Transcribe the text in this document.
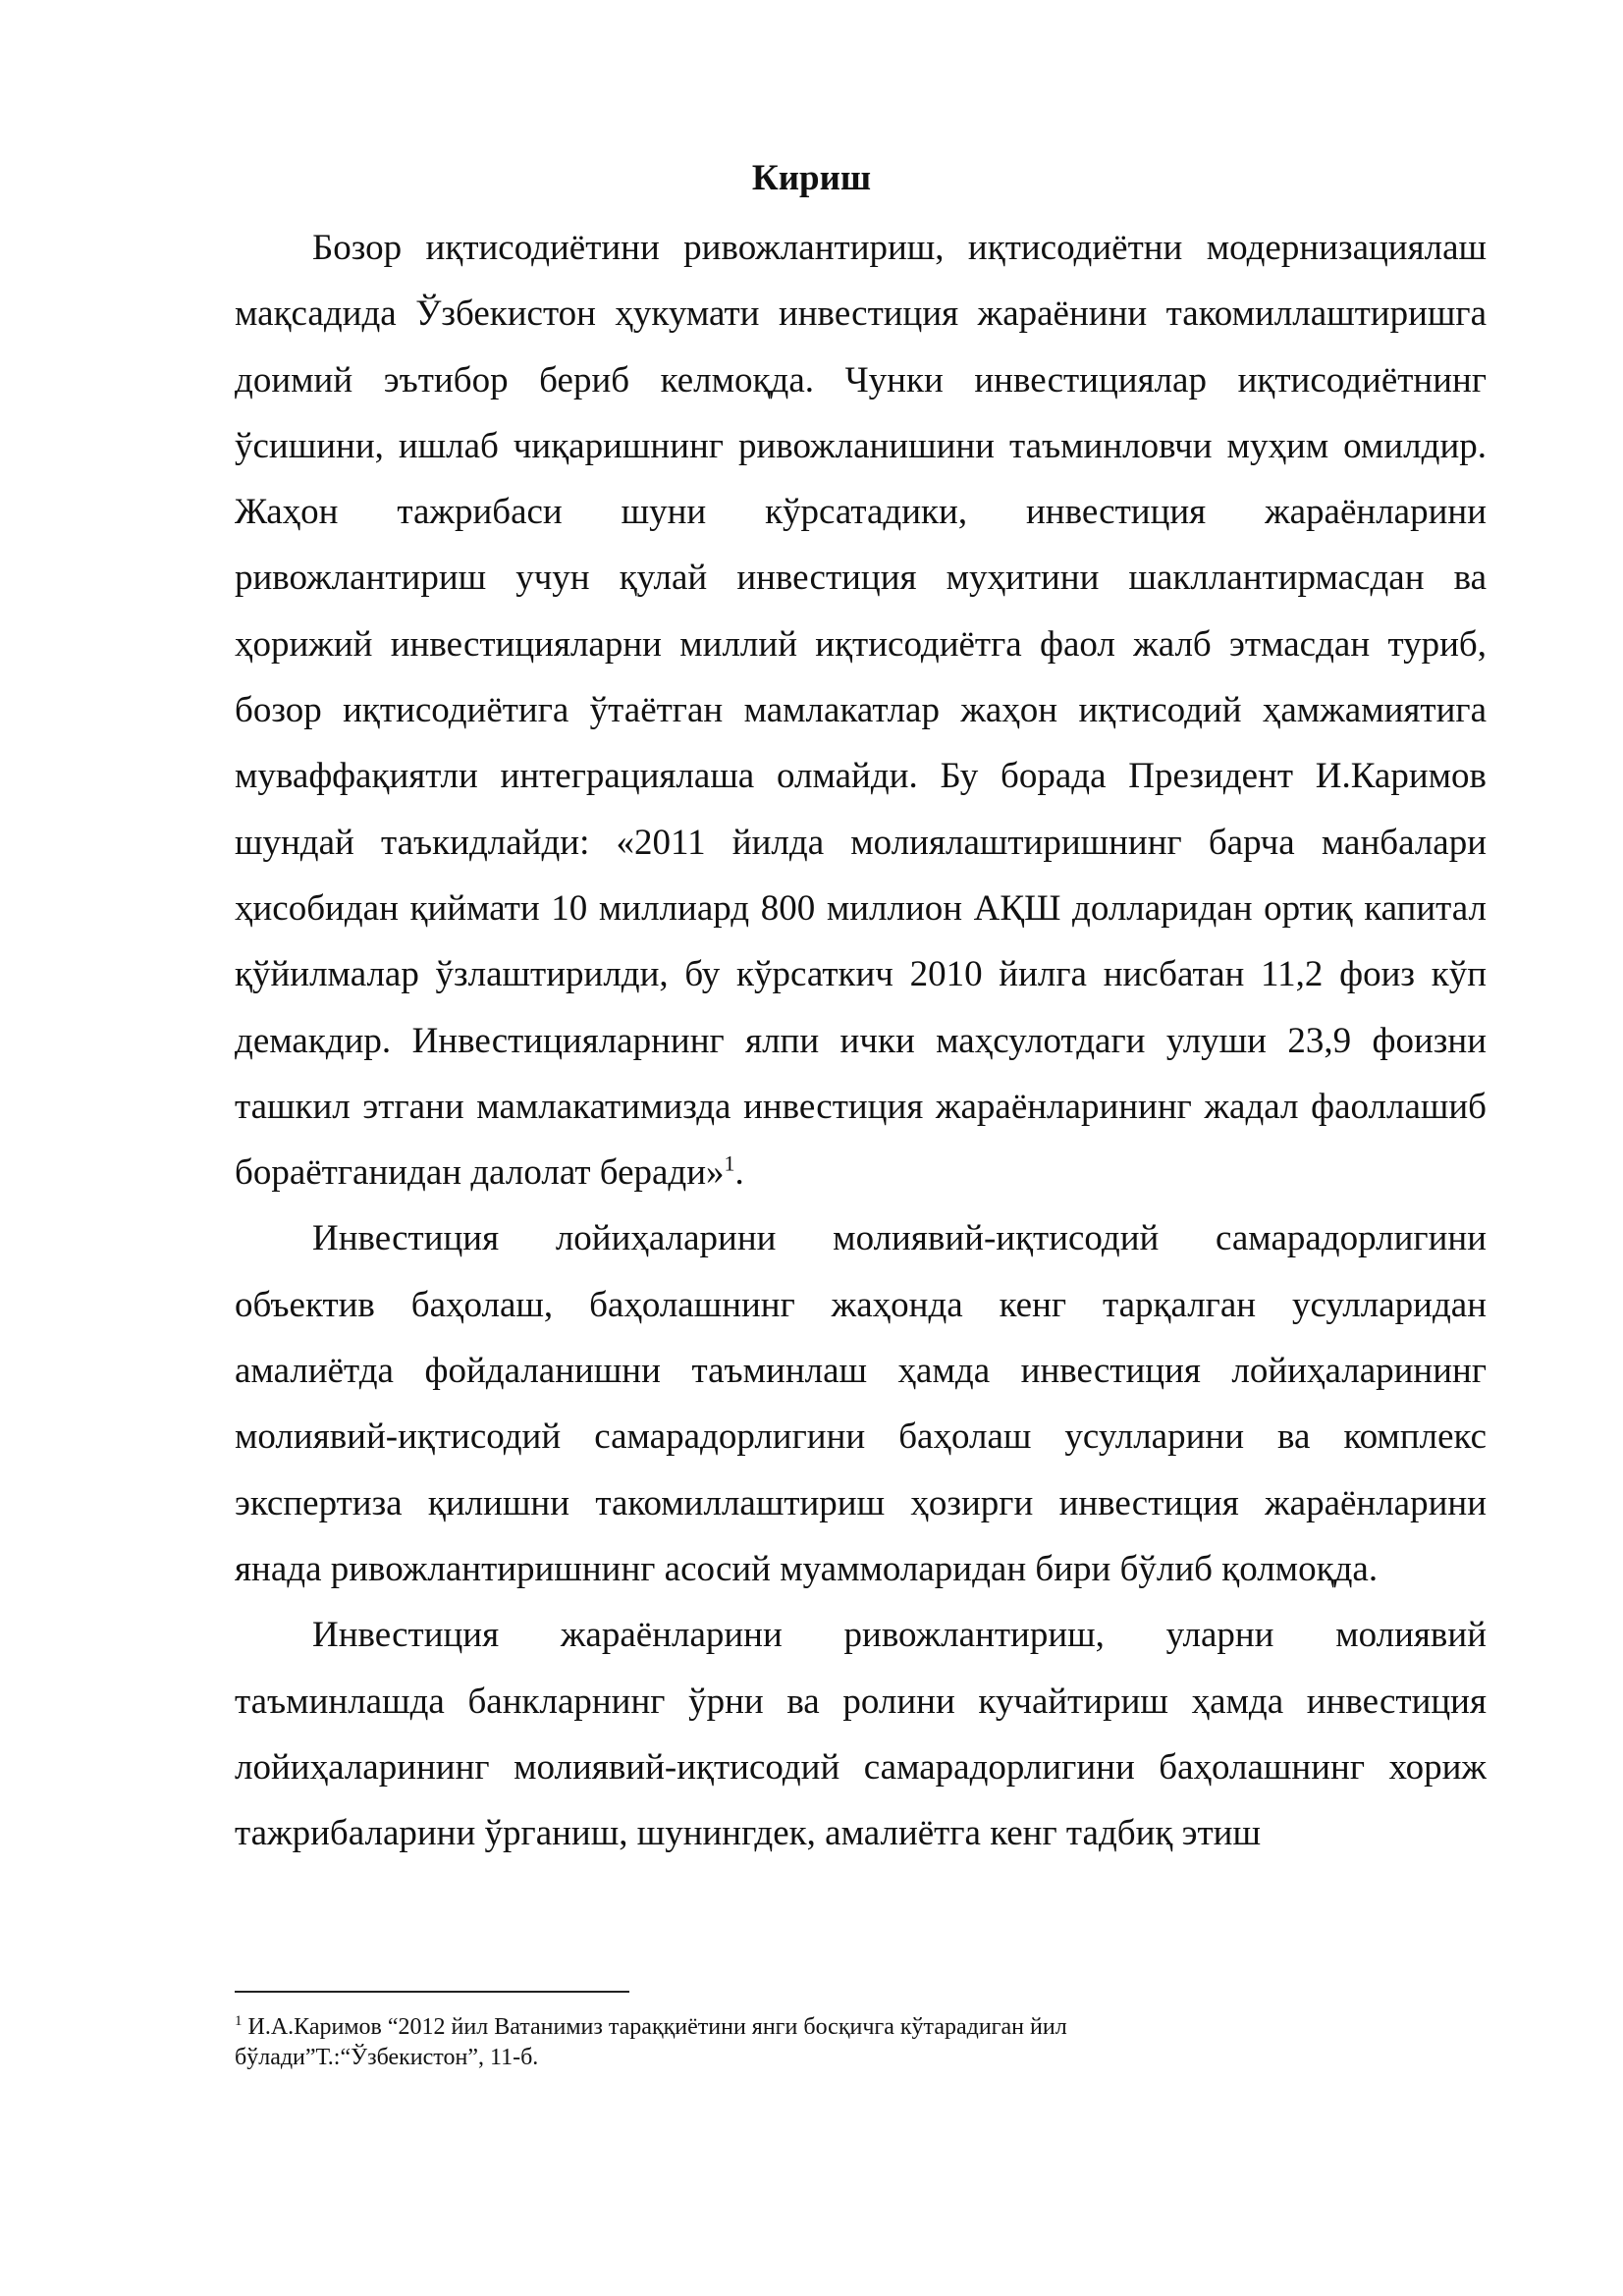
Кириш

Бозор иқтисодиётини ривожлантириш, иқтисодиётни модернизациялаш мақсадида Ўзбекистон ҳукумати инвестиция жараёнини такомиллаштиришга доимий эътибор бериб келмоқда. Чунки инвестициялар иқтисодиётнинг ўсишини, ишлаб чиқаришнинг ривожланишини таъминловчи муҳим омилдир. Жаҳон тажрибаси шуни кўрсатадики, инвестиция жараёнларини ривожлантириш учун қулай инвестиция муҳитини шакллантирмасдан ва ҳорижий инвестицияларни миллий иқтисодиётга фаол жалб этмасдан туриб, бозор иқтисодиётига ўтаётган мамлакатлар жаҳон иқтисодий ҳамжамиятига муваффақиятли интеграциялаша олмайди. Бу борада Президент И.Каримов шундай таъкидлайди: «2011 йилда молиялаштиришнинг барча манбалари ҳисобидан қиймати 10 миллиард 800 миллион АҚШ долларидан ортиқ капитал қўйилмалар ўзлаштирилди, бу кўрсаткич 2010 йилга нисбатан 11,2 фоиз кўп демакдир. Инвестицияларнинг ялпи ички маҳсулотдаги улуши 23,9 фоизни ташкил этгани мамлакатимизда инвестиция жараёнларининг жадал фаоллашиб бораётганидан далолат беради»$^1$.

Инвестиция лойиҳаларини молиявий-иқтисодий самарадорлигини объектив баҳолаш, баҳолашнинг жаҳонда кенг тарқалган усулларидан амалиётда фойдаланишни таъминлаш ҳамда инвестиция лойиҳаларининг молиявий-иқтисодий самарадорлигини баҳолаш усулларини ва комплекс экспертиза қилишни такомиллаштириш ҳозирги инвестиция жараёнларини янада ривожлантиришнинг асосий муаммоларидан бири бўлиб қолмоқда.

Инвестиция жараёнларини ривожлантириш, уларни молиявий таъминлашда банкларнинг ўрни ва ролини кучайтириш ҳамда инвестиция лойиҳаларининг молиявий-иқтисодий самарадорлигини баҳолашнинг хориж тажрибаларини ўрганиш, шунингдек, амалиётга кенг тадбиқ этиш

$^1$ И.А.Каримов “2012 йил Ватанимиз тараққиётини янги босқичга кўтарадиган йил бўлади”Т.:“Ўзбекистон”, 11-б.
